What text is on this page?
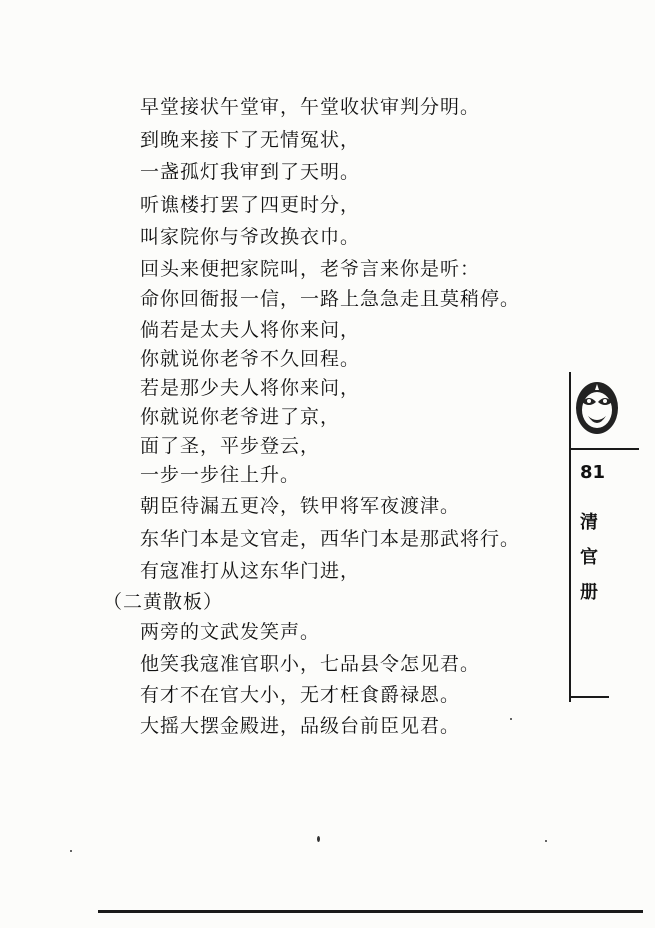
早堂接状午堂审，午堂收状审判分明。
到晚来接下了无情冤状，
一盏孤灯我审到了天明。
听谯楼打罢了四更时分，
叫家院你与爷改换衣巾。
回头来便把家院叫，老爷言来你是听：
命你回衙报一信，一路上急急走且莫稍停。
倘若是太夫人将你来问，
你就说你老爷不久回程。
若是那少夫人将你来问，
你就说你老爷进了京，
面了圣，平步登云，
一步一步往上升。
朝臣待漏五更冷，铁甲将军夜渡津。
东华门本是文官走，西华门本是那武将行。
有寇准打从这东华门进，
（二黄散板）
两旁的文武发笑声。
他笑我寇准官职小，七品县令怎见君。
有才不在官大小，无才枉食爵禄恩。
大摇大摆金殿进，品级台前臣见君。
81
清
官
册
